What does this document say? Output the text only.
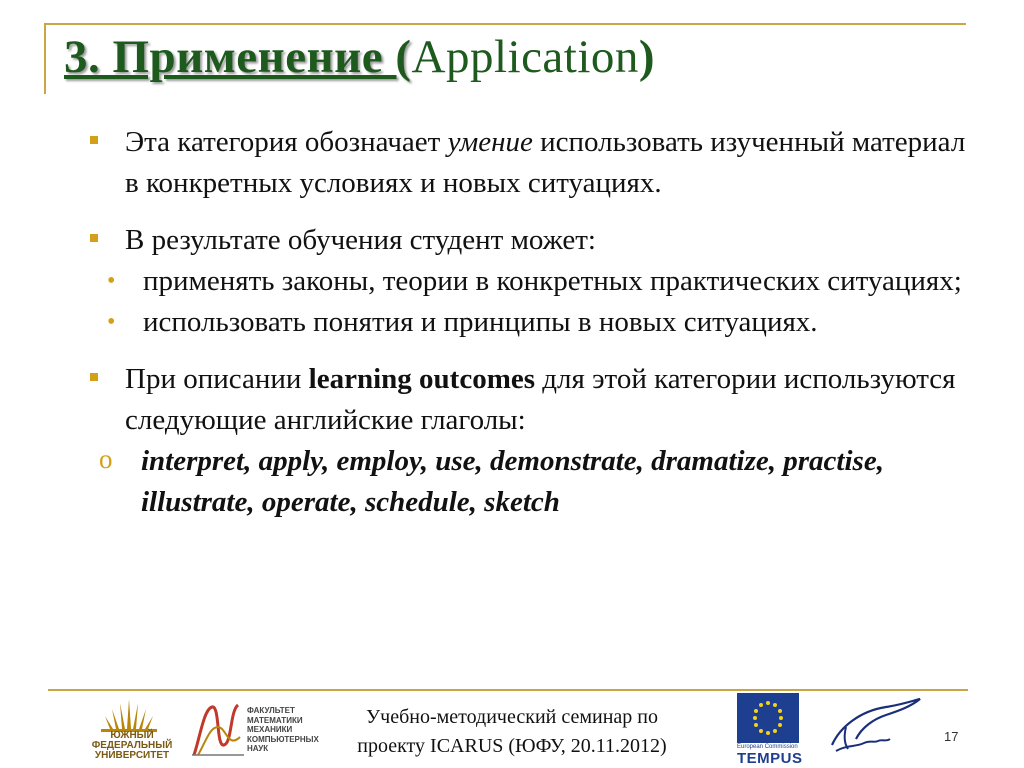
3. Применение (Application)
Эта категория обозначает умение использовать изученный материал в конкретных условиях и новых ситуациях.
В результате обучения студент может:
• применять законы, теории в конкретных практических ситуациях;
• использовать понятия и принципы в новых ситуациях.
При описании learning outcomes для этой категории используются следующие английские глаголы:
o interpret, apply, employ, use, demonstrate, dramatize, practise, illustrate, operate, schedule, sketch
ЮЖНЫЙ
ФЕДЕРАЛЬНЫЙ
УНИВЕРСИТЕТ
ФАКУЛЬТЕТ
МАТЕМАТИКИ
МЕХАНИКИ
КОМПЬЮТЕРНЫХ
НАУК
Учебно-методический семинар по
проекту ICARUS (ЮФУ, 20.11.2012)	European Commission
TEMPUS
17
